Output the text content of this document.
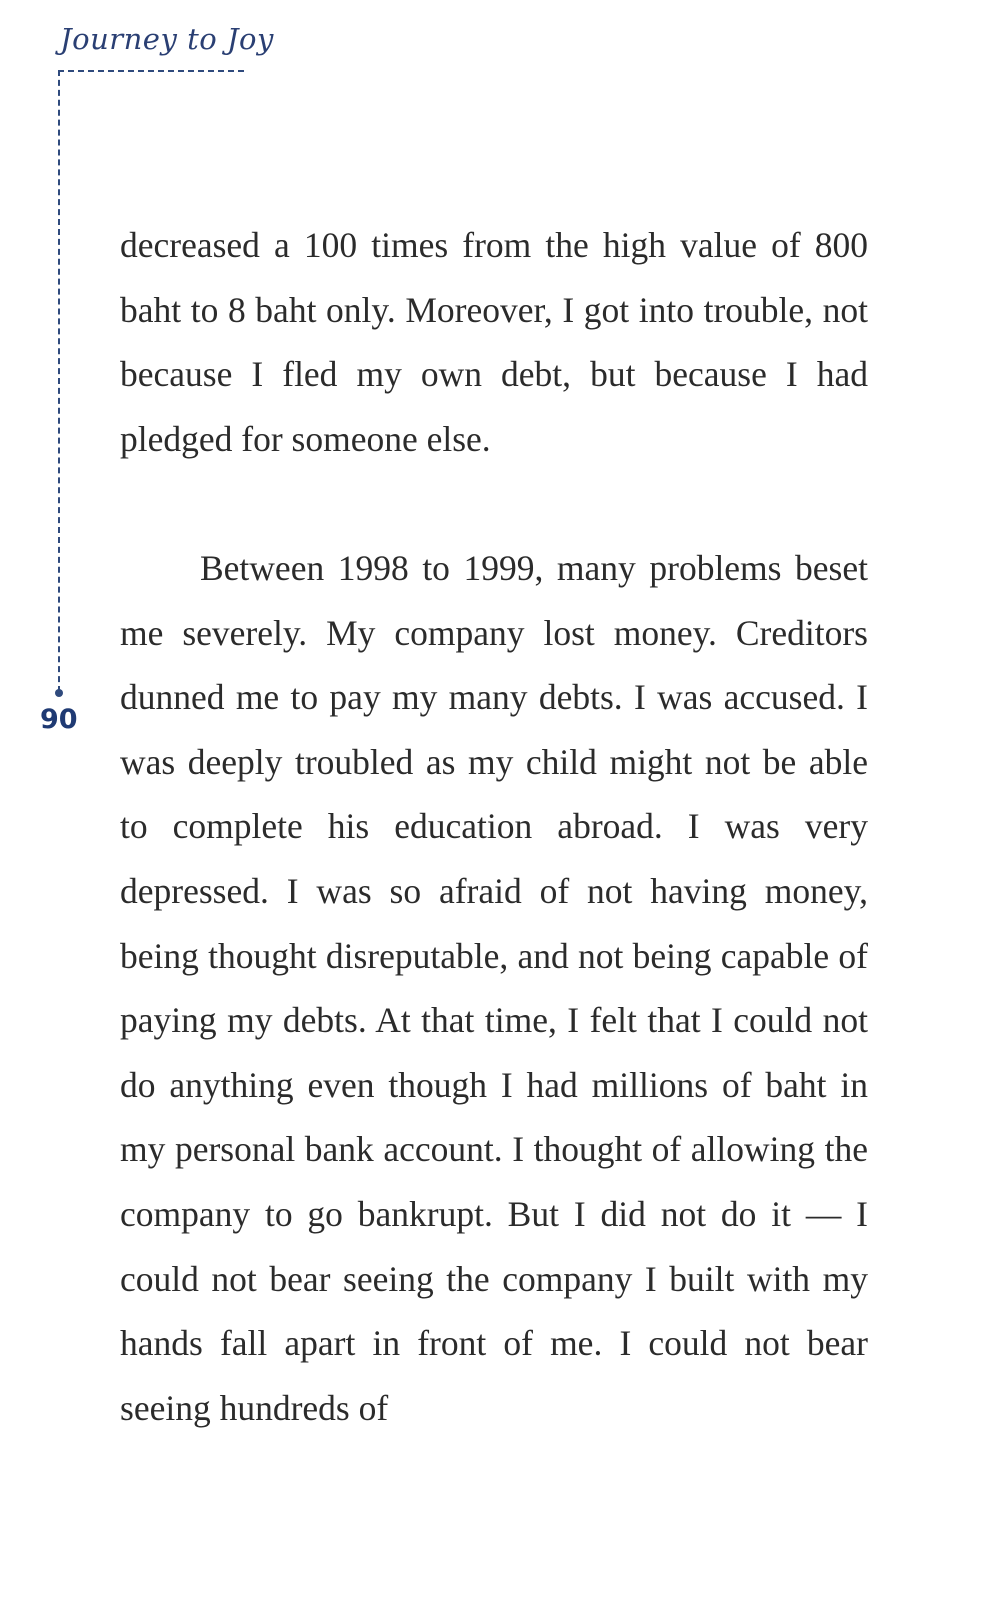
Journey to Joy
90

decreased a 100 times from the high value of 800 baht to 8 baht only. Moreover, I got into trouble, not because I fled my own debt, but because I had pledged for someone else.

Between 1998 to 1999, many problems beset me severely. My company lost money. Creditors dunned me to pay my many debts. I was accused. I was deeply troubled as my child might not be able to complete his education abroad. I was very depressed. I was so afraid of not having money, being thought disreputable, and not being capable of paying my debts. At that time, I felt that I could not do anything even though I had millions of baht in my personal bank account. I thought of allowing the company to go bankrupt. But I did not do it — I could not bear seeing the company I built with my hands fall apart in front of me. I could not bear seeing hundreds of
